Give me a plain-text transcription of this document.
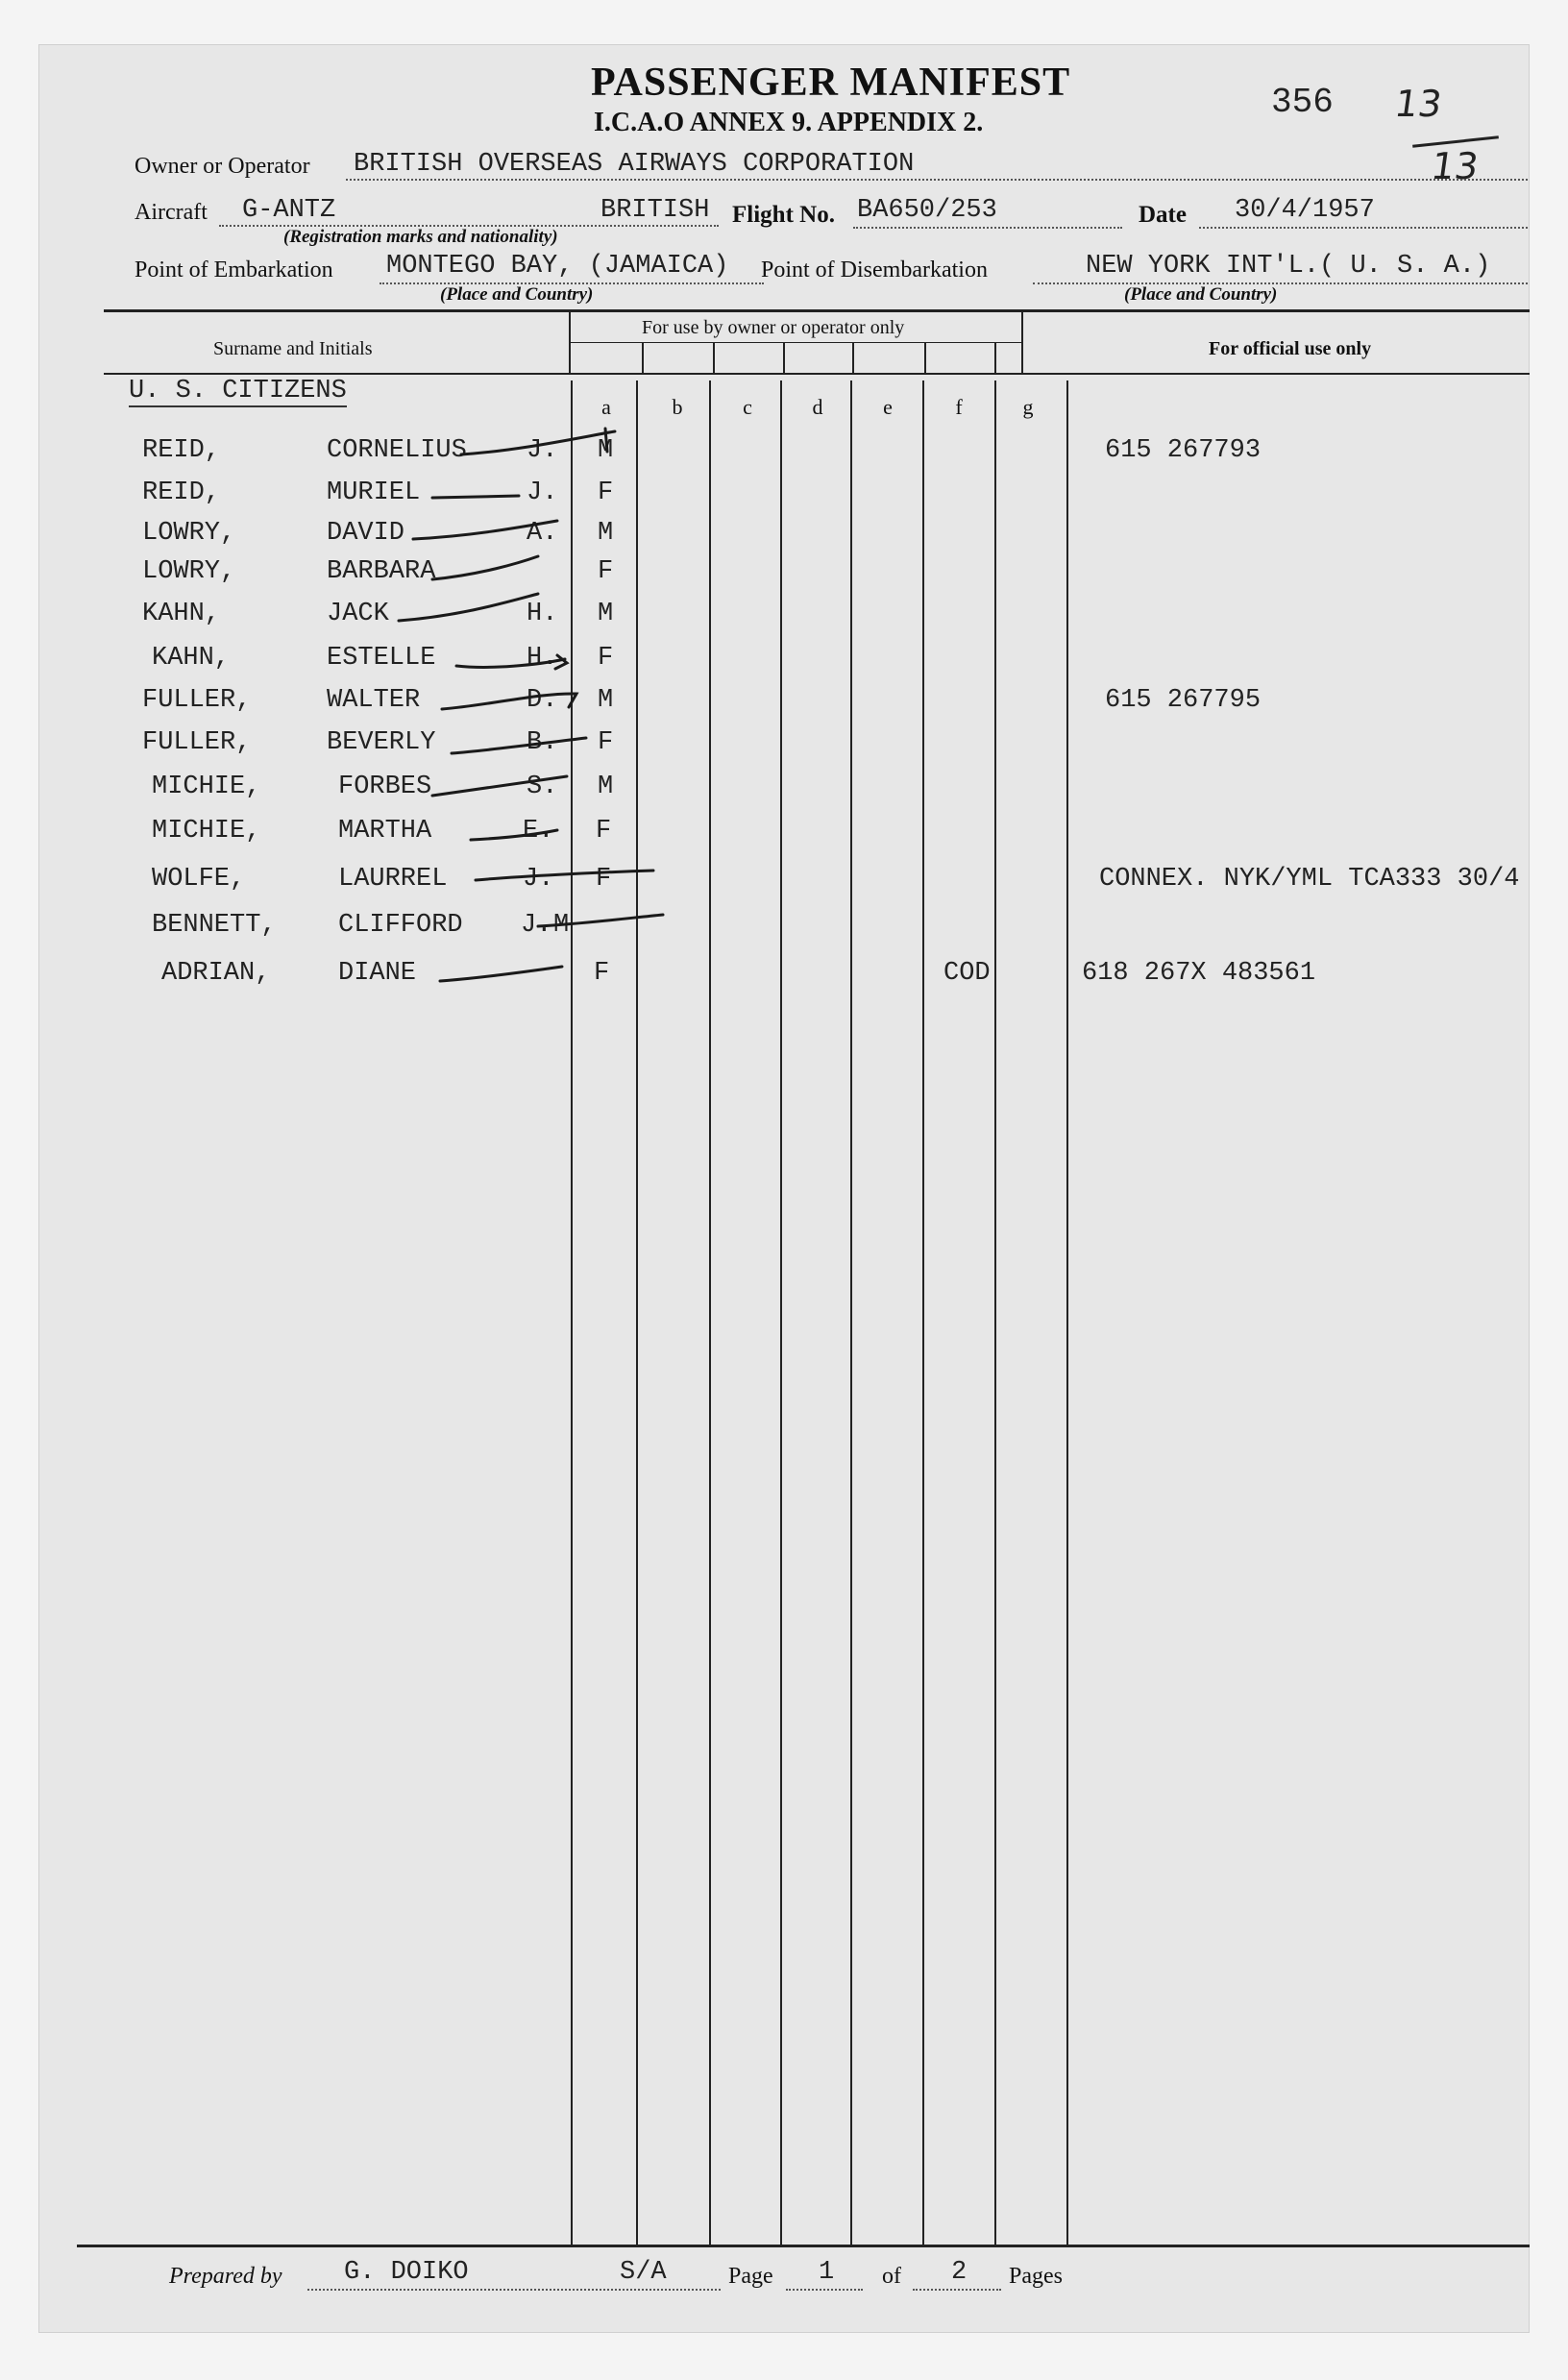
PASSENGER MANIFEST
I.C.A.O ANNEX 9. APPENDIX 2.
356 13
13
Owner or Operator BRITISH OVERSEAS AIRWAYS CORPORATION
Aircraft G-ANTZ	BRITISH
(Registration marks and nationality)
Flight No. BA650/253	Date 30/4/1957
Point of Embarkation MONTEGO BAY, (JAMAICA)
(Place and Country)
Point of Disembarkation	NEW YORK INT'L.( U. S. A.)
(Place and Country)
Surname and Initials
For use by owner or operator only
For official use only
a	b	c	d	e	f	g
U. S. CITIZENS
REID,	CORNELIUS J. M	615 267793
REID,	MURIEL	J. F
LOWRY,	DAVID	A. M
LOWRY,	BARBARA	F
KAHN,	JACK	H. M
KAHN,	ESTELLE	H. F
FULLER,	WALTER	D. M	615 267795
FULLER,	BEVERLY	B. F
MICHIE,	FORBES	S. M
MICHIE,	MARTHA	E. F
WOLFE,	LAURREL	J. F	CONNEX. NYK/YML TCA333 30/4
BENNETT, CLIFFORD J. M
ADRIAN,	DIANE	F	COD	618 267X 483561
Prepared by G. DOIKO	S/A	Page 1 of 2 Pages
